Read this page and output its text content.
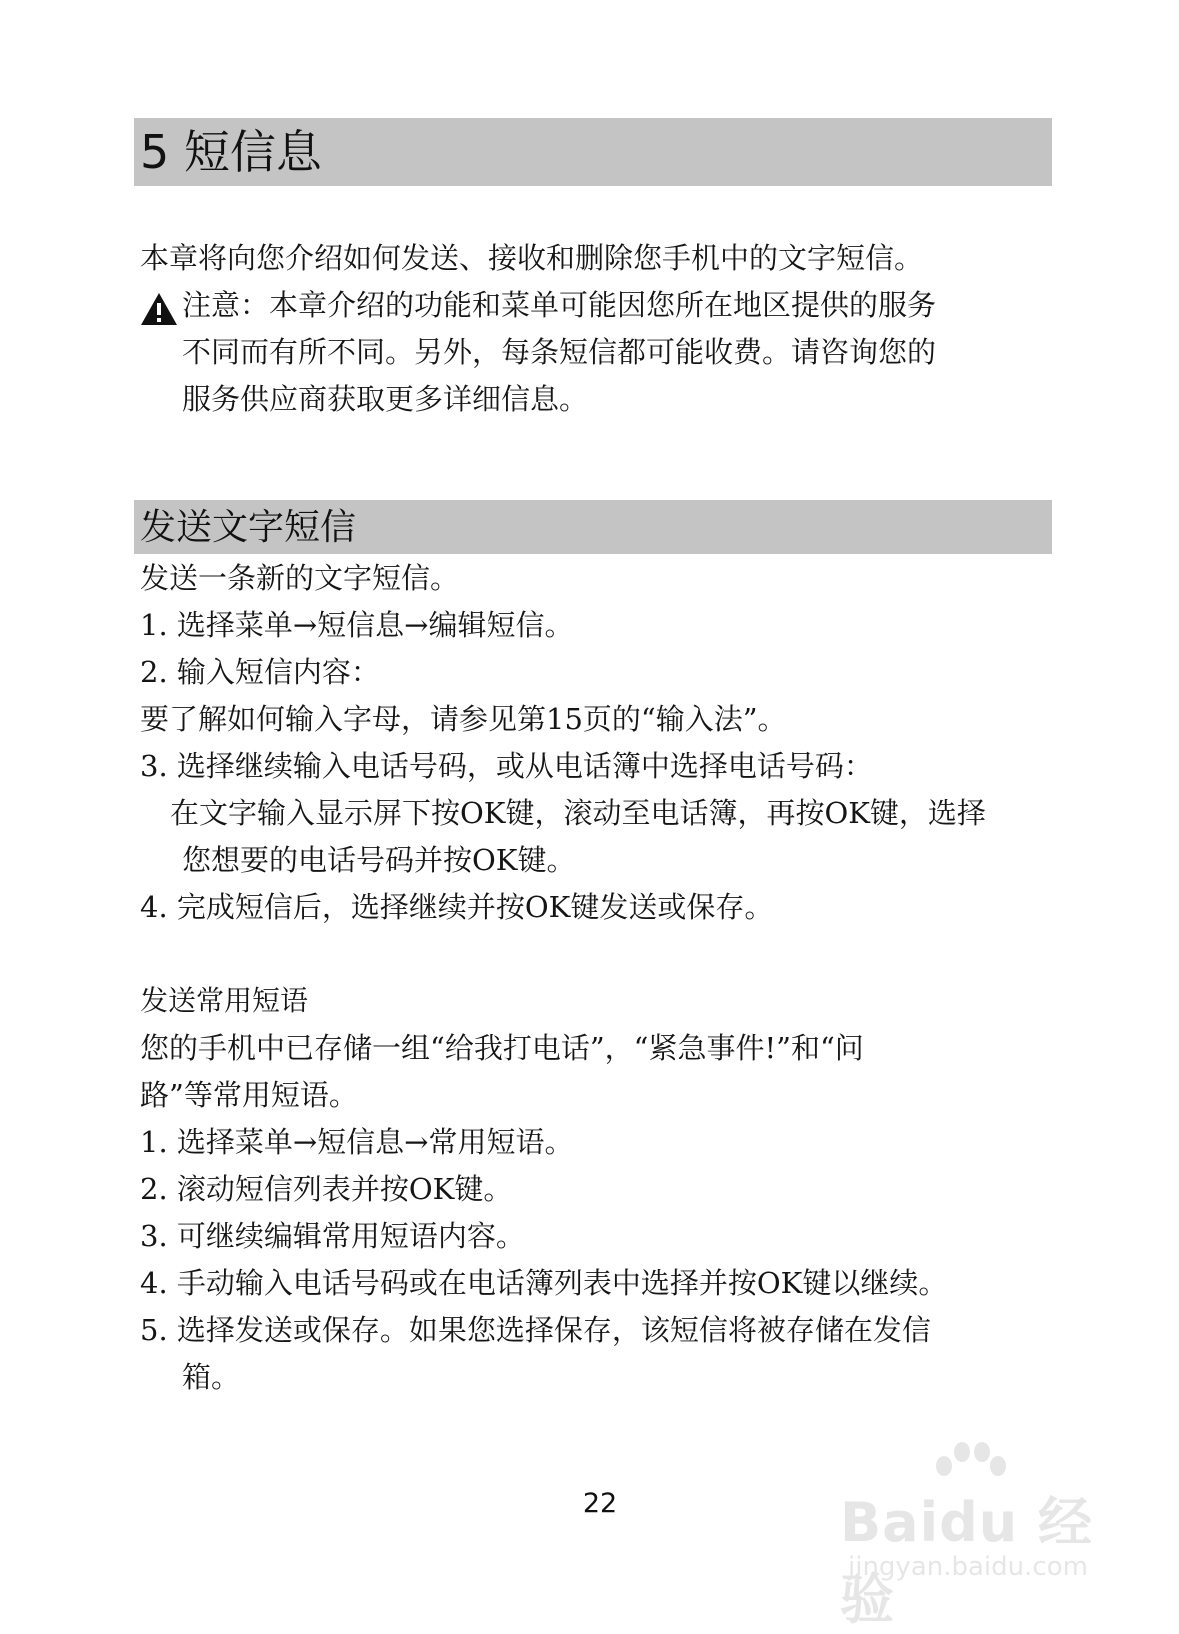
5 短信息
本章将向您介绍如何发送、接收和删除您手机中的文字短信。
注意：本章介绍的功能和菜单可能因您所在地区提供的服务
不同而有所不同。另外，每条短信都可能收费。请咨询您的
服务供应商获取更多详细信息。
发送文字短信
发送一条新的文字短信。
1. 选择菜单→短信息→编辑短信。
2. 输入短信内容：
要了解如何输入字母，请参见第15页的“输入法”。
3. 选择继续输入电话号码，或从电话簿中选择电话号码：
在文字输入显示屏下按OK键，滚动至电话簿，再按OK键，选择
您想要的电话号码并按OK键。
4. 完成短信后，选择继续并按OK键发送或保存。
发送常用短语
您的手机中已存储一组“给我打电话”，“紧急事件!”和“问
路”等常用短语。
1. 选择菜单→短信息→常用短语。
2. 滚动短信列表并按OK键。
3. 可继续编辑常用短语内容。
4. 手动输入电话号码或在电话簿列表中选择并按OK键以继续。
5. 选择发送或保存。如果您选择保存，该短信将被存储在发信
箱。
22	Baidu 经验
jingyan.baidu.com
